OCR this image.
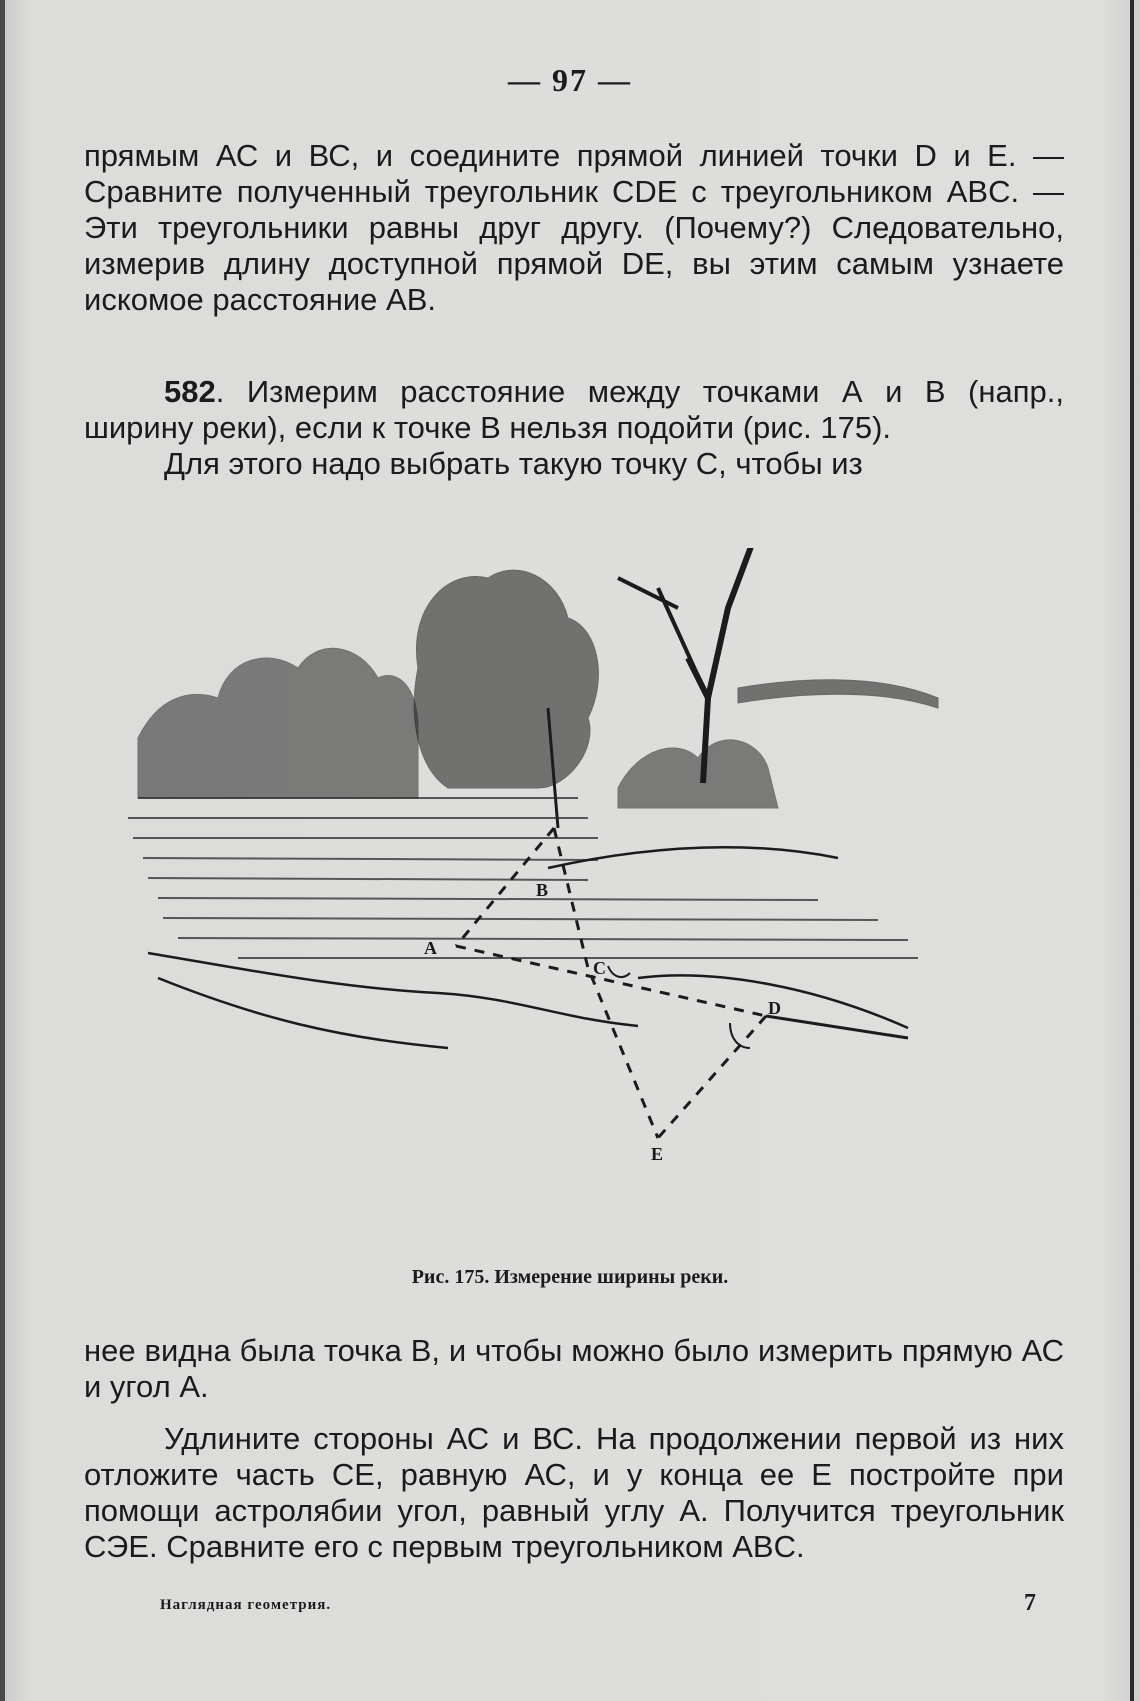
— 97 —

прямым АС и ВС, и соедините прямой линией точки D и Е. — Сравните полученный треугольник CDE с треугольником ABC. — Эти треугольники равны друг другу. (Почему?) Следовательно, измерив длину доступной прямой DE, вы этим самым узнаете искомое расстояние АВ.

582. Измерим расстояние между точками А и В (напр., ширину реки), если к точке В нельзя подойти (рис. 175).

Для этого надо выбрать такую точку С, чтобы из

B
A
C
D
E
Рис. 175. Измерение ширины реки.

нее видна была точка В, и чтобы можно было измерить прямую АС и угол А.

Удлините стороны АС и ВС. На продолжении первой из них отложите часть СЕ, равную АС, и у конца ее Е постройте при помощи астролябии угол, равный углу А. Получится треугольник СЭЕ. Сравните его с первым треугольником ABC.

Наглядная геометрия.	7
